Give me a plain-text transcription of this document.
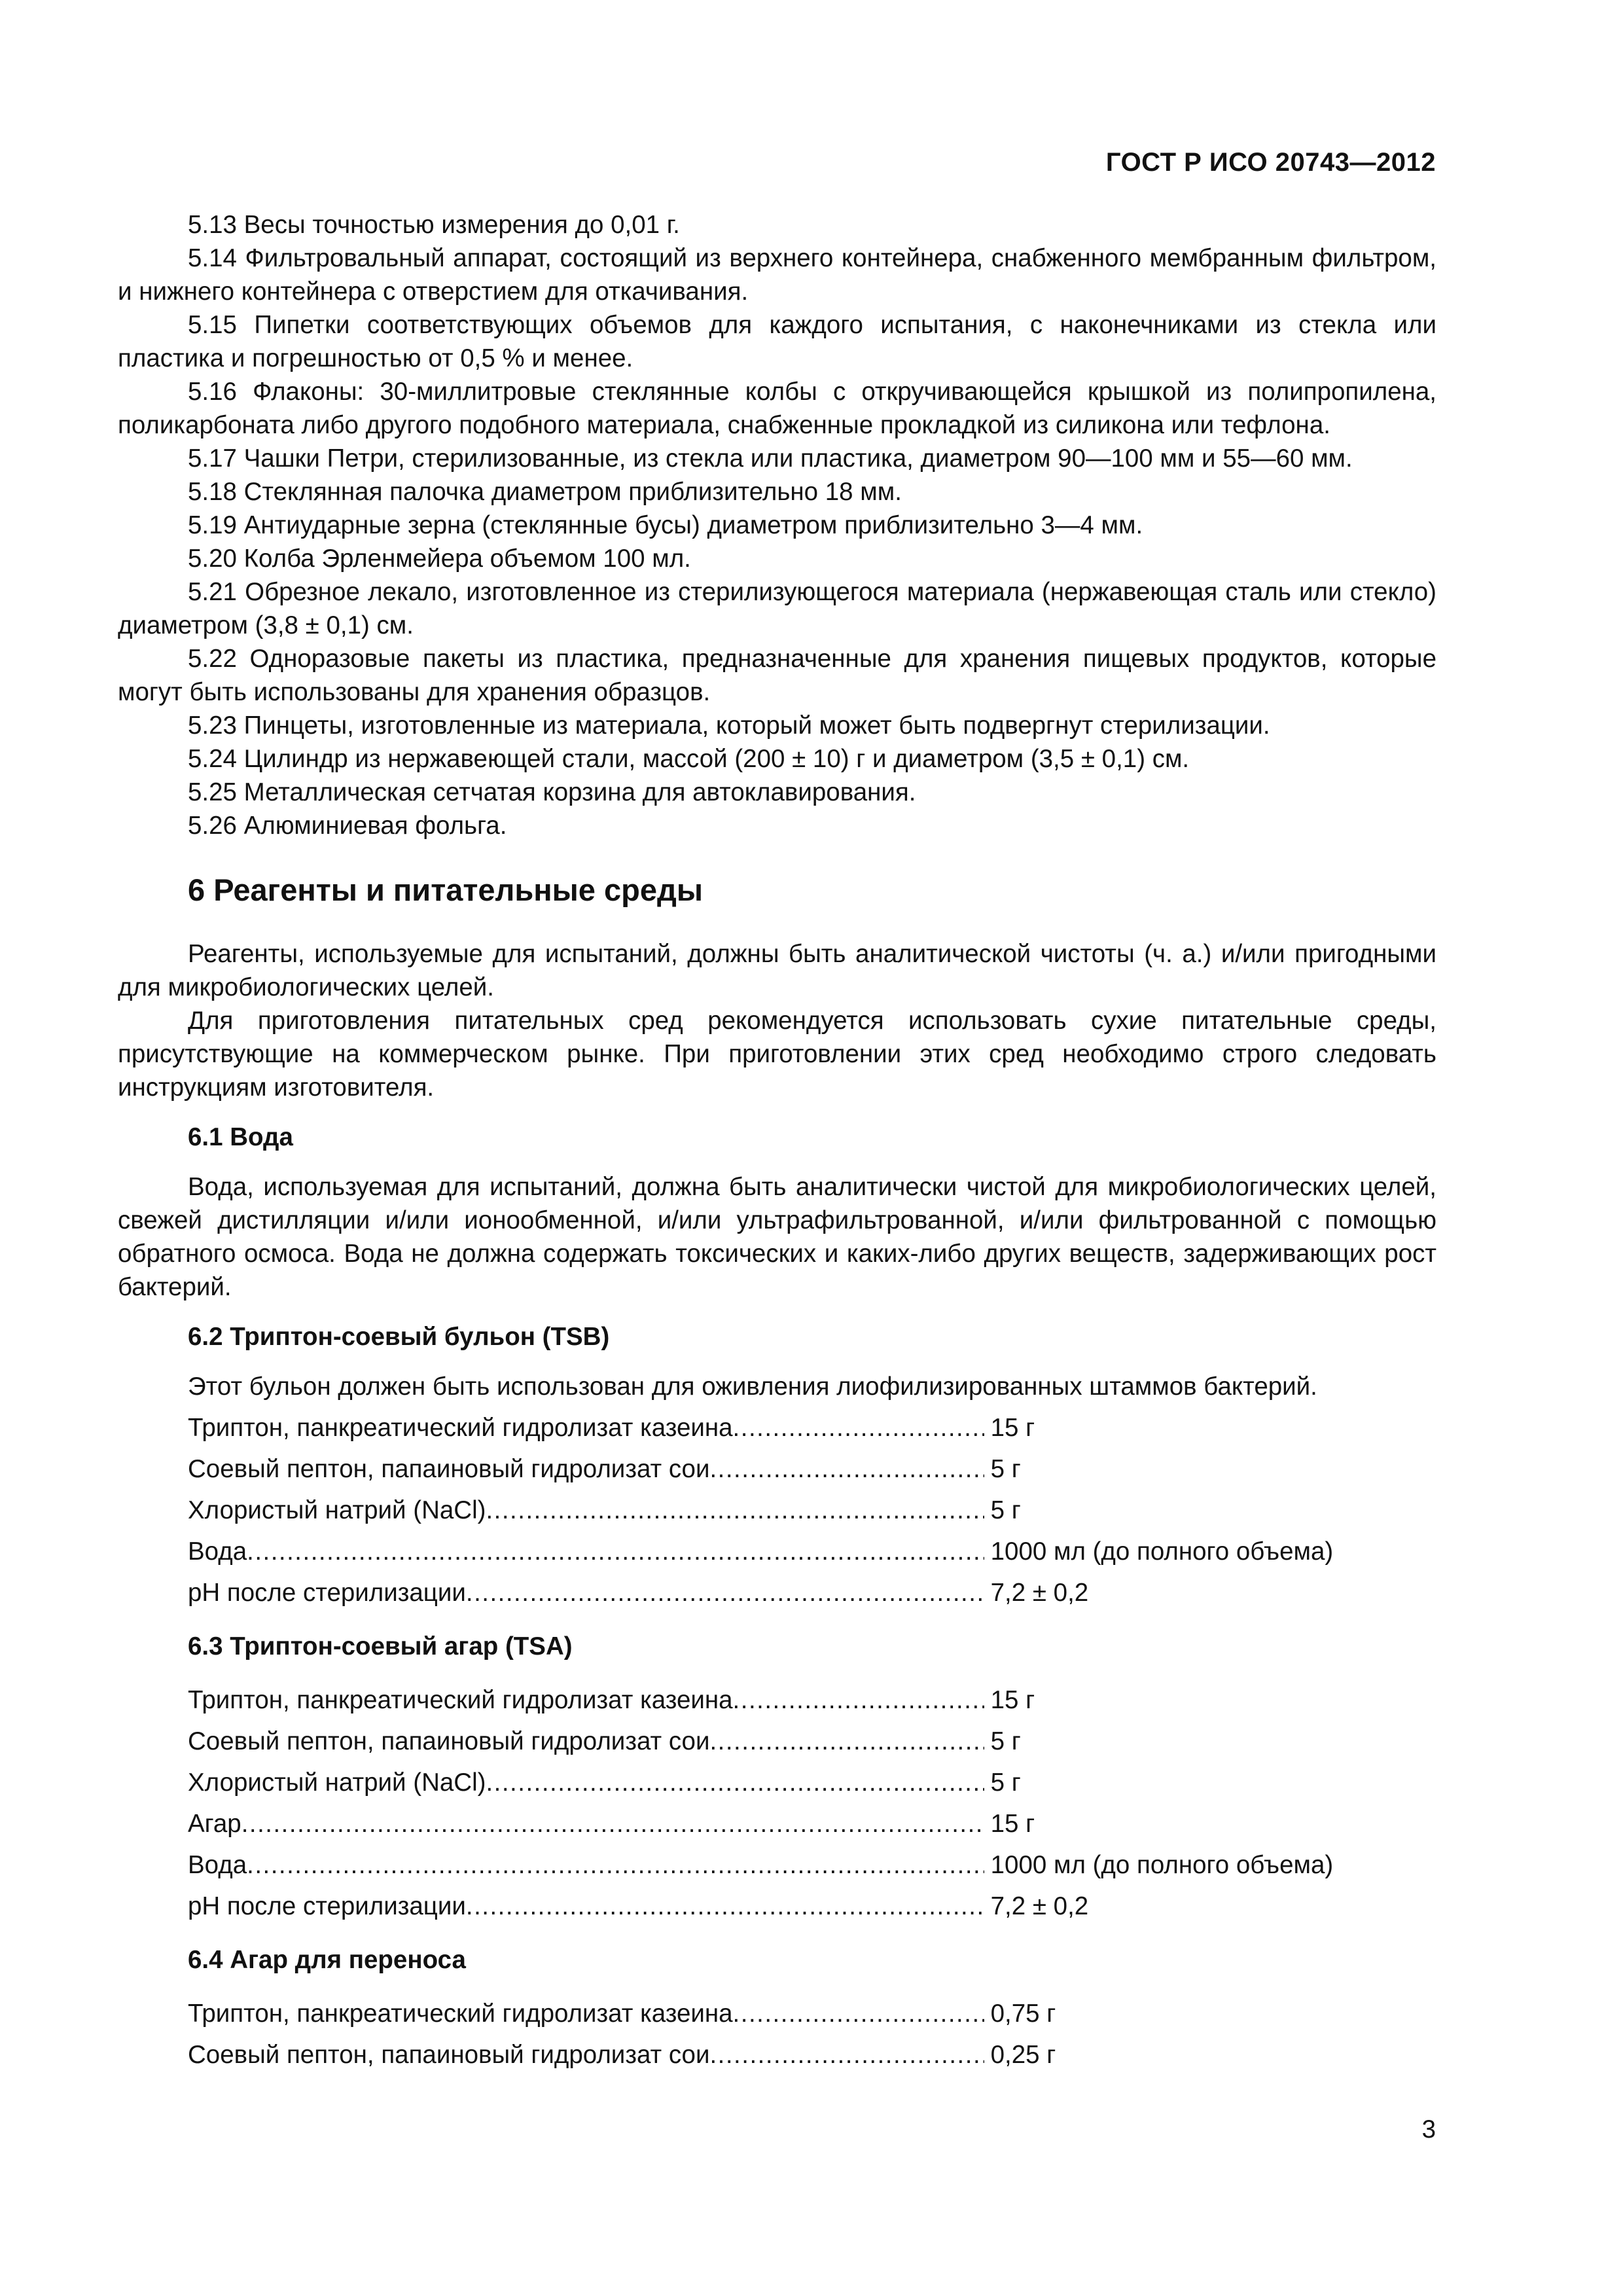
ГОСТ Р ИСО 20743—2012

5.13 Весы точностью измерения до 0,01 г.

5.14 Фильтровальный аппарат, состоящий из верхнего контейнера, снабженного мембранным фильтром, и нижнего контейнера с отверстием для откачивания.

5.15 Пипетки соответствующих объемов для каждого испытания, с наконечниками из стекла или пластика и погрешностью от 0,5 % и менее.

5.16 Флаконы: 30-миллитровые стеклянные колбы с откручивающейся крышкой из полипропилена, поликарбоната либо другого подобного материала, снабженные прокладкой из силикона или тефлона.

5.17 Чашки Петри, стерилизованные, из стекла или пластика, диаметром 90—100 мм и 55—60 мм.

5.18 Стеклянная палочка диаметром приблизительно 18 мм.

5.19 Антиударные зерна (стеклянные бусы) диаметром приблизительно 3—4 мм.

5.20 Колба Эрленмейера объемом 100 мл.

5.21 Обрезное лекало, изготовленное из стерилизующегося материала (нержавеющая сталь или стекло) диаметром (3,8 ± 0,1) см.

5.22 Одноразовые пакеты из пластика, предназначенные для хранения пищевых продуктов, которые могут быть использованы для хранения образцов.

5.23 Пинцеты, изготовленные из материала, который может быть подвергнут стерилизации.

5.24 Цилиндр из нержавеющей стали, массой (200 ± 10) г и диаметром (3,5 ± 0,1) см.

5.25 Металлическая сетчатая корзина для автоклавирования.

5.26 Алюминиевая фольга.

6 Реагенты и питательные среды

Реагенты, используемые для испытаний, должны быть аналитической чистоты (ч. а.) и/или пригодными для микробиологических целей.

Для приготовления питательных сред рекомендуется использовать сухие питательные среды, присутствующие на коммерческом рынке. При приготовлении этих сред необходимо строго следовать инструкциям изготовителя.

6.1 Вода

Вода, используемая для испытаний, должна быть аналитически чистой для микробиологических целей, свежей дистилляции и/или ионообменной, и/или ультрафильтрованной, и/или фильтрованной с помощью обратного осмоса. Вода не должна содержать токсических и каких-либо других веществ, задерживающих рост бактерий.

6.2 Триптон-соевый бульон (TSB)

Этот бульон должен быть использован для оживления лиофилизированных штаммов бактерий.

Триптон, панкреатический гидролизат казеина .....	15 г
Соевый пептон, папаиновый гидролизат сои .....	5 г
Хлористый натрий (NaCl) .....	5 г
Вода .....	1000 мл (до полного объема)
pH после стерилизации .....	7,2 ± 0,2
6.3 Триптон-соевый агар (TSA)
Триптон, панкреатический гидролизат казеина .....	15 г
Соевый пептон, папаиновый гидролизат сои .....	5 г
Хлористый натрий (NaCl) .....	5 г
Агар .....	15 г
Вода .....	1000 мл (до полного объема)
pH после стерилизации .....	7,2 ± 0,2
6.4 Агар для переноса
Триптон, панкреатический гидролизат казеина .....	0,75 г
Соевый пептон, папаиновый гидролизат сои .....	0,25 г
3
